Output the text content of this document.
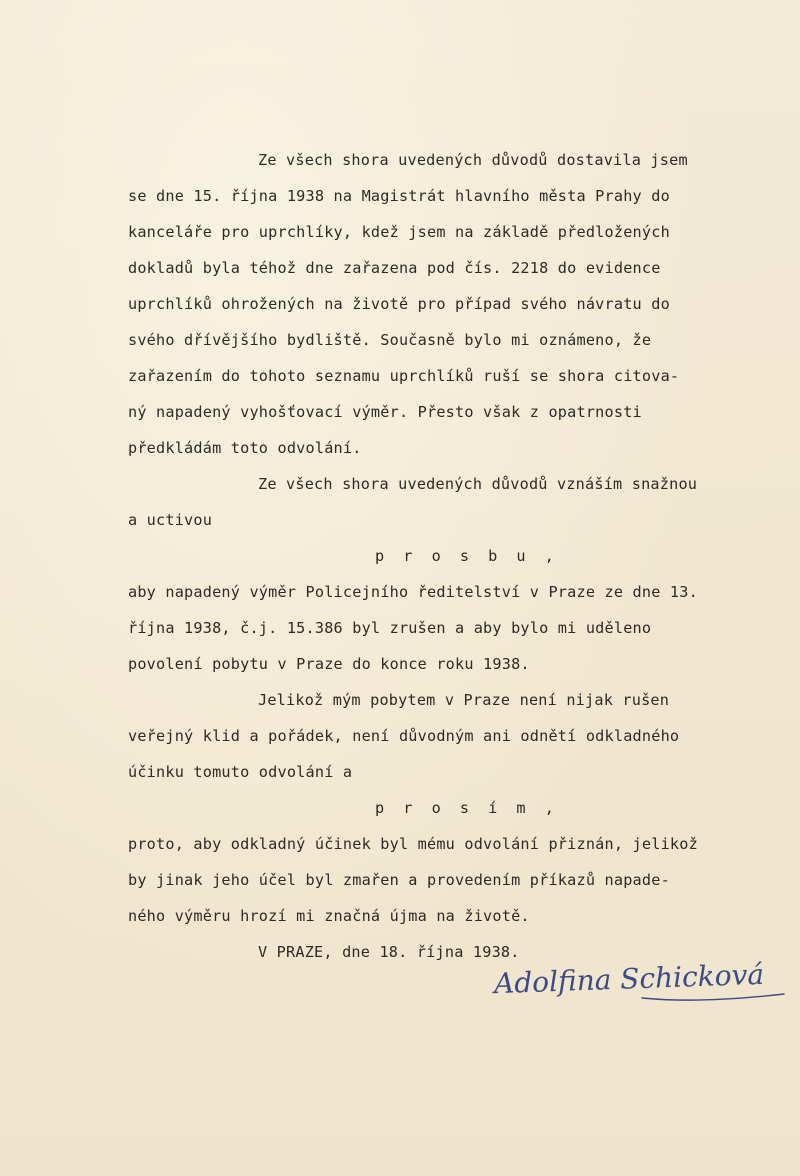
Ze všech shora uvedených důvodů dostavila jsem
se dne 15. října 1938 na Magistrát hlavního města Prahy do
kanceláře pro uprchlíky, kdež jsem na základě předložených
dokladů byla téhož dne zařazena pod čís. 2218 do evidence
uprchlíků ohrožených na životě pro případ svého návratu do
svého dřívějšího bydliště. Současně bylo mi oznámeno, že
zařazením do tohoto seznamu uprchlíků ruší se shora citova-
ný napadený vyhošťovací výměr. Přesto však z opatrnosti
předkládám toto odvolání.
Ze všech shora uvedených důvodů vznáším snažnou
a uctivou
p r o s b u ,
aby napadený výměr Policejního ředitelství v Praze ze dne 13.
října 1938, č.j. 15.386 byl zrušen a aby bylo mi uděleno
povolení pobytu v Praze do konce roku 1938.
Jelikož mým pobytem v Praze není nijak rušen
veřejný klid a pořádek, není důvodným ani odnětí odkladného
účinku tomuto odvolání a
p r o s í m ,
proto, aby odkladný účinek byl mému odvolání přiznán, jelikož
by jinak jeho účel byl zmařen a provedením příkazů napade-
ného výměru hrozí mi značná újma na životě.
V PRAZE, dne 18. října 1938.
Adolfina Schicková
